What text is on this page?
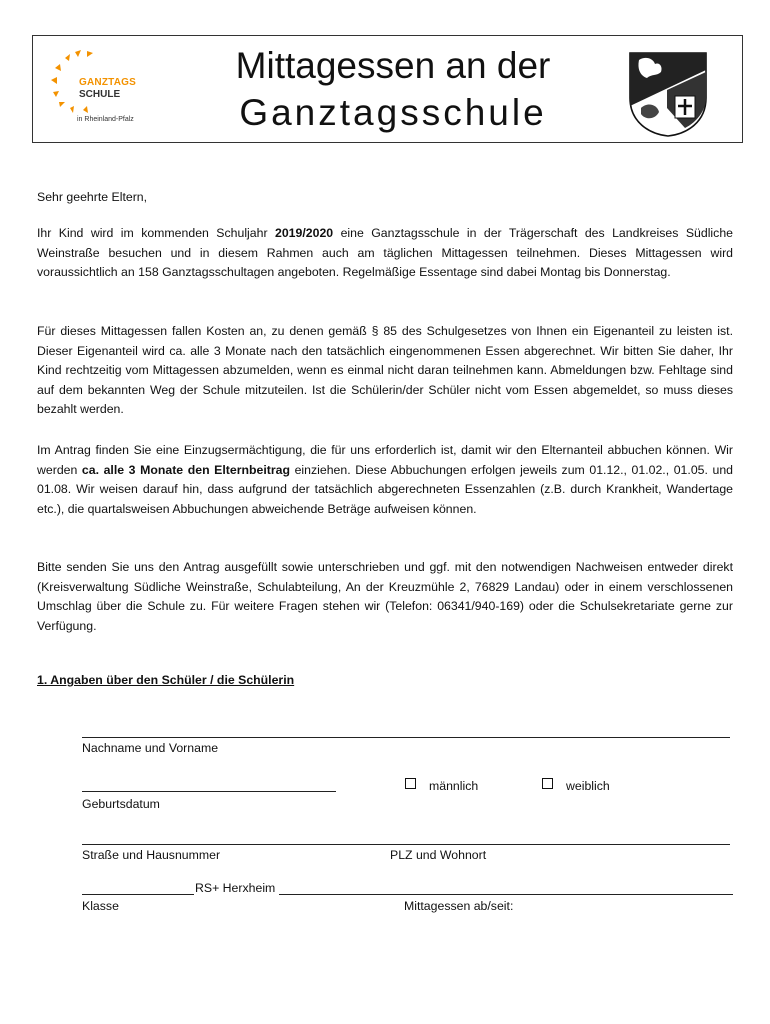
GANZTAGS
SCHULE
in Rheinland-Pfalz
Mittagessen an der
Ganztagsschule
Sehr geehrte Eltern,
Ihr Kind wird im kommenden Schuljahr 2019/2020 eine Ganztagsschule in der Trägerschaft des Landkreises Südliche Weinstraße besuchen und in diesem Rahmen auch am täglichen Mittagessen teilnehmen. Dieses Mittagessen wird voraussichtlich an 158 Ganztagsschultagen angeboten. Regelmäßige Essentage sind dabei Montag bis Donnerstag.
Für dieses Mittagessen fallen Kosten an, zu denen gemäß § 85 des Schulgesetzes von Ihnen ein Eigenanteil zu leisten ist. Dieser Eigenanteil wird ca. alle 3 Monate nach den tatsächlich eingenommenen Essen abgerechnet. Wir bitten Sie daher, Ihr Kind rechtzeitig vom Mittagessen abzumelden, wenn es einmal nicht daran teilnehmen kann. Abmeldungen bzw. Fehltage sind auf dem bekannten Weg der Schule mitzuteilen. Ist die Schülerin/der Schüler nicht vom Essen abgemeldet, so muss dieses bezahlt werden.
Im Antrag finden Sie eine Einzugsermächtigung, die für uns erforderlich ist, damit wir den Elternanteil abbuchen können. Wir werden ca. alle 3 Monate den Elternbeitrag einziehen. Diese Abbuchungen erfolgen jeweils zum 01.12., 01.02., 01.05. und 01.08. Wir weisen darauf hin, dass aufgrund der tatsächlich abgerechneten Essenzahlen (z.B. durch Krankheit, Wandertage etc.), die quartalsweisen Abbuchungen abweichende Beträge aufweisen können.
Bitte senden Sie uns den Antrag ausgefüllt sowie unterschrieben und ggf. mit den notwendigen Nachweisen entweder direkt (Kreisverwaltung Südliche Weinstraße, Schulabteilung, An der Kreuzmühle 2, 76829 Landau) oder in einem verschlossenen Umschlag über die Schule zu. Für weitere Fragen stehen wir (Telefon: 06341/940-169) oder die Schulsekretariate gerne zur Verfügung.
1. Angaben über den Schüler / die Schülerin
Nachname und Vorname
Geburtsdatum
männlich	weiblich
Straße und Hausnummer	PLZ und Wohnort
RS+ Herxheim
Klasse	Mittagessen ab/seit:
